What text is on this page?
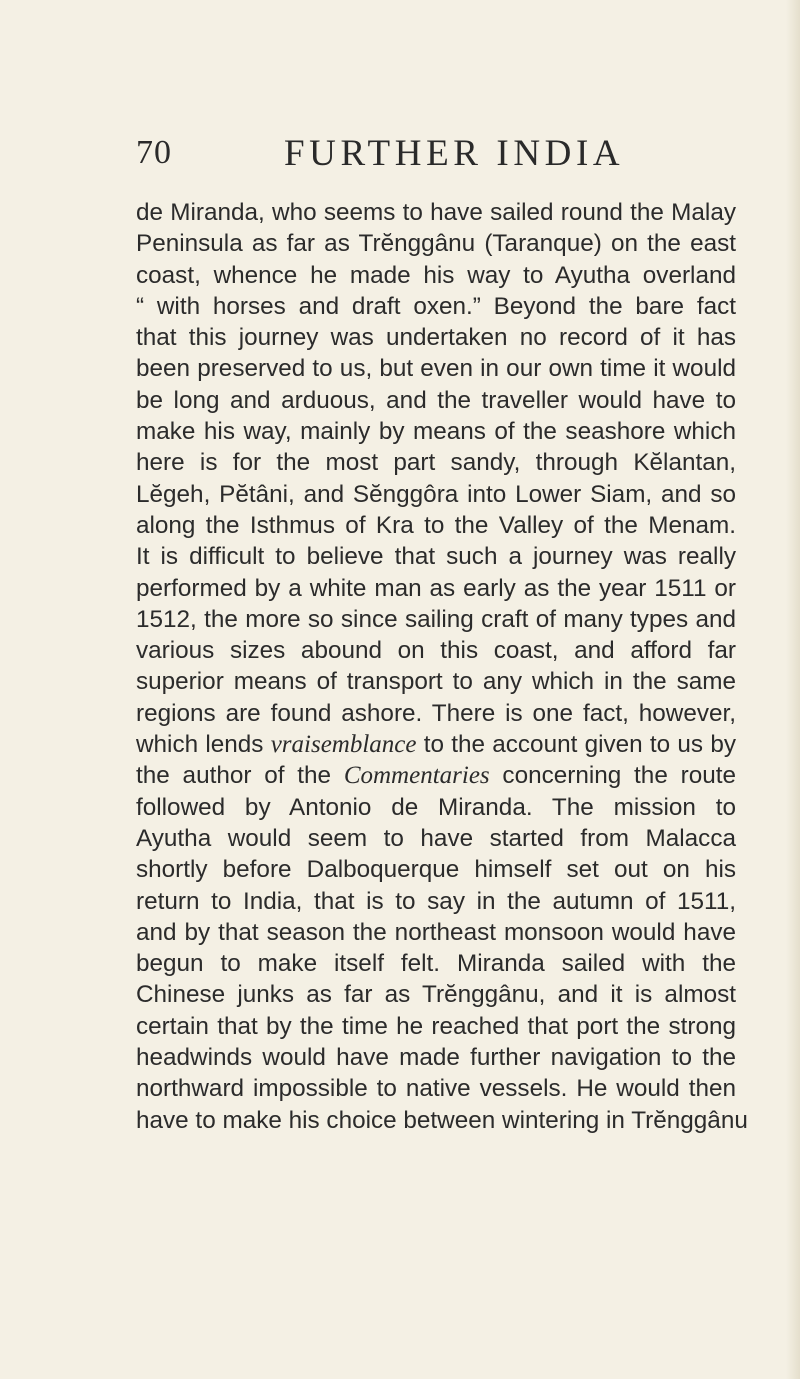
70	FURTHER INDIA
de Miranda, who seems to have sailed round the Malay
Peninsula as far as Trĕnggânu (Taranque) on the east
coast, whence he made his way to Ayutha overland
“ with horses and draft oxen.” Beyond the bare fact
that this journey was undertaken no record of it has
been preserved to us, but even in our own time it would
be long and arduous, and the traveller would have to
make his way, mainly by means of the seashore which
here is for the most part sandy, through Kĕlantan,
Lĕgeh, Pĕtâni, and Sĕnggôra into Lower Siam, and so
along the Isthmus of Kra to the Valley of the Menam.
It is difficult to believe that such a journey was really
performed by a white man as early as the year 1511 or
1512, the more so since sailing craft of many types and
various sizes abound on this coast, and afford far
superior means of transport to any which in the same
regions are found ashore. There is one fact, however,
which lends vraisemblance to the account given to us by
the author of the Commentaries concerning the route
followed by Antonio de Miranda. The mission to
Ayutha would seem to have started from Malacca
shortly before Dalboquerque himself set out on his
return to India, that is to say in the autumn of 1511,
and by that season the northeast monsoon would have
begun to make itself felt. Miranda sailed with the
Chinese junks as far as Trĕnggânu, and it is almost
certain that by the time he reached that port the strong
headwinds would have made further navigation to the
northward impossible to native vessels. He would then
have to make his choice between wintering in Trĕnggânu
